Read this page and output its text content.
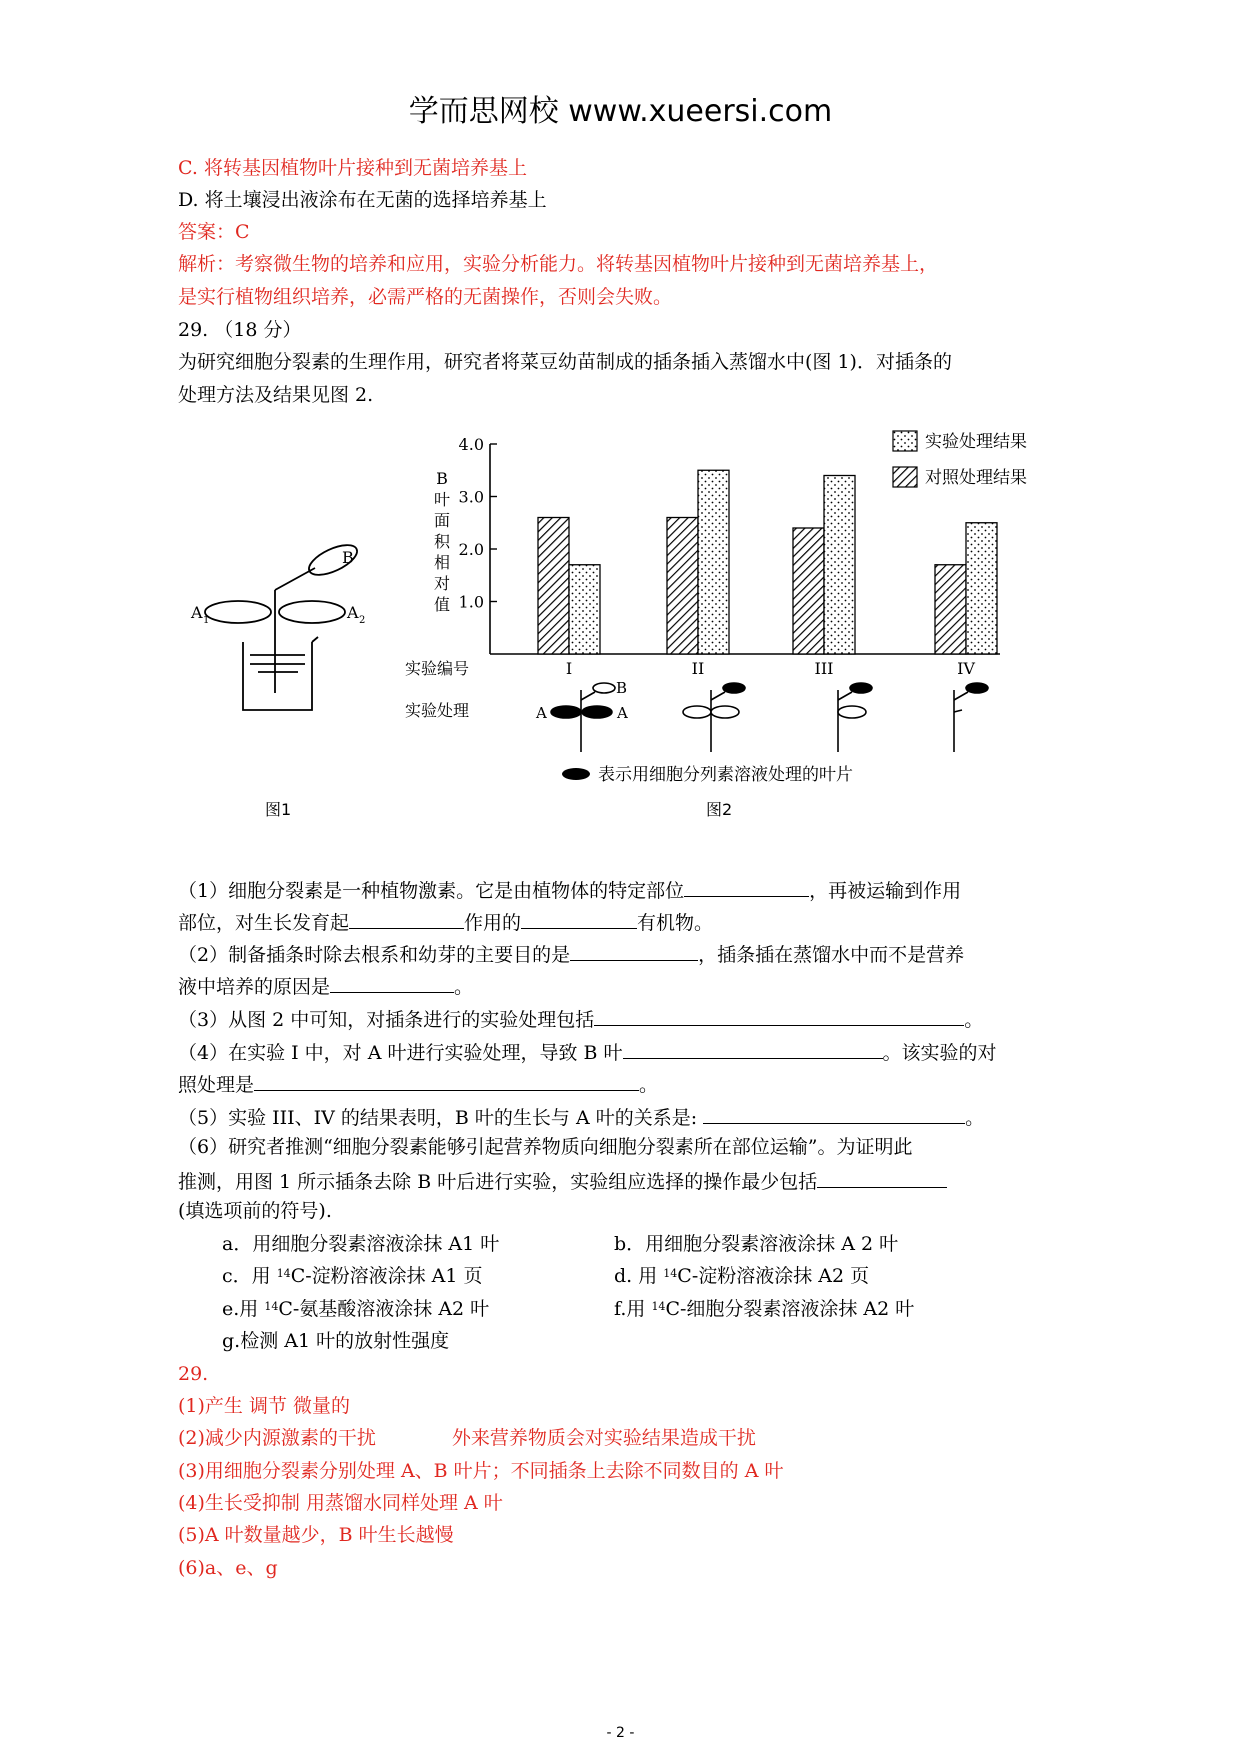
学而思网校 www.xueersi.com
C. 将转基因植物叶片接种到无菌培养基上
D. 将土壤浸出液涂布在无菌的选择培养基上
答案：C
解析：考察微生物的培养和应用，实验分析能力。将转基因植物叶片接种到无菌培养基上，
是实行植物组织培养，必需严格的无菌操作，否则会失败。
29. （18 分）
为研究细胞分裂素的生理作用，研究者将菜豆幼苗制成的插条插入蒸馏水中(图 1)．对插条的
处理方法及结果见图 2.
B
A 1	A 2
图1
B
叶
面
积
相
对
值 1.0
2.0
3.0
4.0
I	II	III	IV
实验处理结果
对照处理结果
实验编号
实验处理	A	A
B
表示用细胞分列素溶液处理的叶片
图2
（1）细胞分裂素是一种植物激素。它是由植物体的特定部位	，再被运输到作用
部位，对生长发育起	作用的	有机物。
（2）制备插条时除去根系和幼芽的主要目的是	，插条插在蒸馏水中而不是营养
液中培养的原因是	。
（3）从图 2 中可知，对插条进行的实验处理包括	。
（4）在实验 I 中，对 A 叶进行实验处理，导致 B 叶	。该实验的对
照处理是	。
（5）实验 III、IV 的结果表明，B 叶的生长与 A 叶的关系是:	。
（6）研究者推测“细胞分裂素能够引起营养物质向细胞分裂素所在部位运输”。为证明此
推测，用图 1 所示插条去除 B 叶后进行实验，实验组应选择的操作最少包括
(填选项前的符号).
a．用细胞分裂素溶液涂抹 A1 叶	b．用细胞分裂素溶液涂抹 A 2 叶
c．用 $^{14}$C-淀粉溶液涂抹 A1 页	d. 用 $^{14}$C-淀粉溶液涂抹 A2 页
e.用 $^{14}$C-氨基酸溶液涂抹 A2 叶	f.用 $^{14}$C-细胞分裂素溶液涂抹 A2 叶
g.检测 A1 叶的放射性强度
29.
(1)产生 调节 微量的
(2)减少内源激素的干扰	外来营养物质会对实验结果造成干扰
(3)用细胞分裂素分别处理 A、B 叶片；不同插条上去除不同数目的 A 叶
(4)生长受抑制 用蒸馏水同样处理 A 叶
(5)A 叶数量越少，B 叶生长越慢
(6)a、e、g
- 2 -
